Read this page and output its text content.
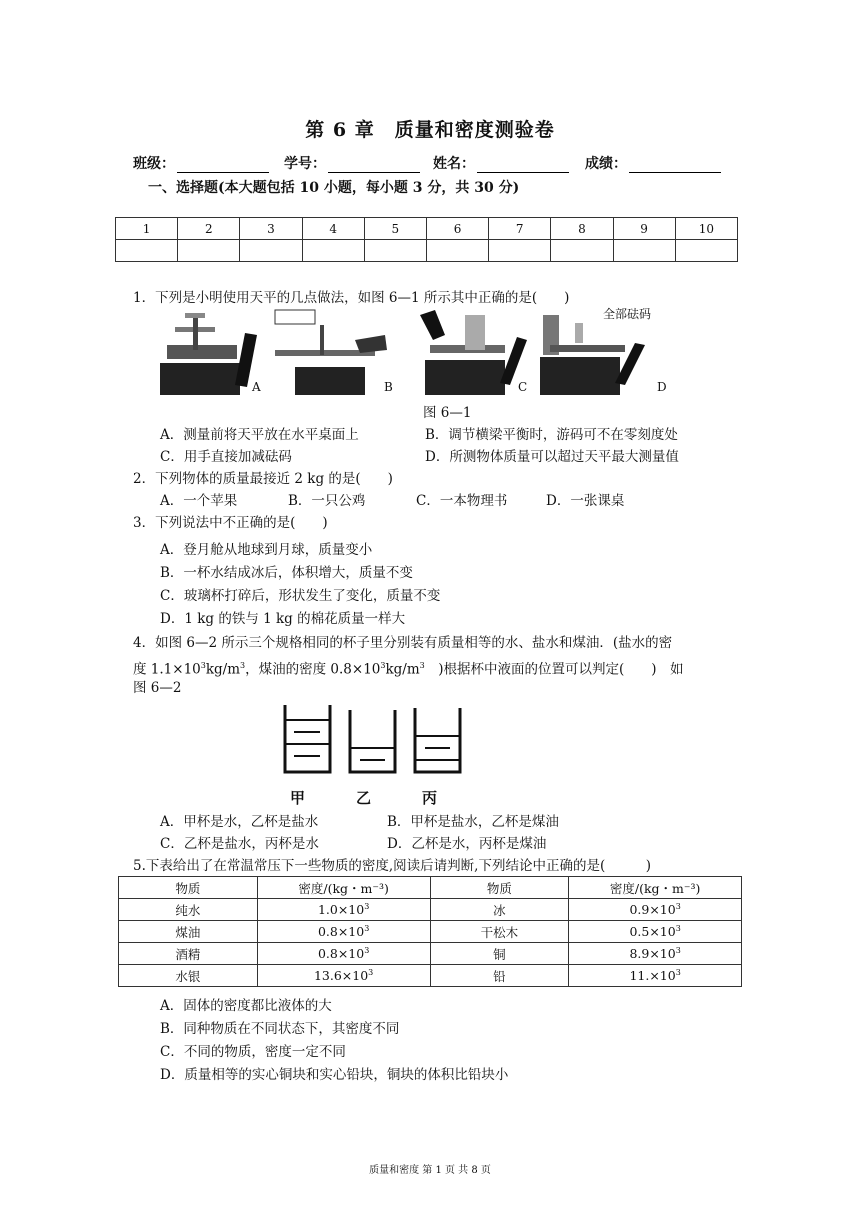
第 6 章　质量和密度测验卷
班级：	学号：	姓名：	成绩：
一、选择题(本大题包括 10 小题，每小题 3 分，共 30 分)
1	2	3	4	5	6	7	8	9	10

1．下列是小明使用天平的几点做法，如图 6—1 所示其中正确的是(　　)
全部砝码
A	B	C	D
图 6—1
A．测量前将天平放在水平桌面上	B．调节横梁平衡时，游码可不在零刻度处
C．用手直接加减砝码	D．所测物体质量可以超过天平最大测量值
2．下列物体的质量最接近 2 kg 的是(　　)
A．一个苹果	B．一只公鸡	C．一本物理书	D．一张课桌
3．下列说法中不正确的是(　　)
A．登月舱从地球到月球，质量变小
B．一杯水结成冰后，体积增大，质量不变
C．玻璃杯打碎后，形状发生了变化，质量不变
D．1 kg 的铁与 1 kg 的棉花质量一样大
4．如图 6—2 所示三个规格相同的杯子里分别装有质量相等的水、盐水和煤油．(盐水的密
度 $1.1\times 10^3kg/m^3$，煤油的密度 $0.8\times 10^3kg/m^3$　)根据杯中液面的位置可以判定(　　)　如
图 6—2
甲	乙	丙
A．甲杯是水，乙杯是盐水	B．甲杯是盐水，乙杯是煤油
C．乙杯是盐水，丙杯是水	D．乙杯是水，丙杯是煤油
5.下表给出了在常温常压下一些物质的密度,阅读后请判断,下列结论中正确的是(　　　)
物质	密度/(kg・m⁻³)	物质	密度/(kg・m⁻³)
纯水	$1.0\times 10^3$	冰	$0.9\times 10^3$
煤油	$0.8\times 10^3$	干松木	$0.5\times 10^3$
酒精	$0.8\times 10^3$	铜	$8.9\times 10^3$
水银	$13.6\times 10^3$	铅	$11.\times 10^3$
A．固体的密度都比液体的大
B．同种物质在不同状态下，其密度不同
C．不同的物质，密度一定不同
D．质量相等的实心铜块和实心铅块，铜块的体积比铅块小
质量和密度 第 1 页 共 8 页
